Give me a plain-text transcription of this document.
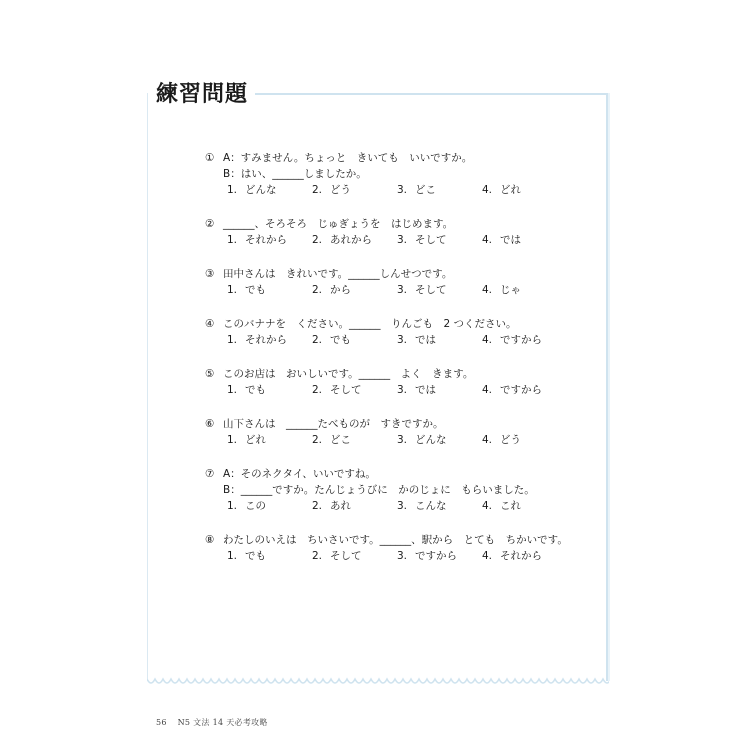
練習問題
① A：すみません。ちょっと　きいても　いいですか。
B：はい、______しましたか。
1. どんな	2. どう	3. どこ	4. どれ
② ______、そろそろ　じゅぎょうを　はじめます。
1. それから 2. あれから 3. そして	4. では
③ 田中さんは　きれいです。______しんせつです。
1. でも	2. から	3. そして	4. じゃ
④ このバナナを　ください。______　りんごも　2 つください。
1. それから 2. でも	3. では	4. ですから
⑤ このお店は　おいしいです。______　よく　きます。
1. でも	2. そして	3. では	4. ですから
⑥ 山下さんは　______たべものが　すきですか。
1. どれ	2. どこ	3. どんな	4. どう
⑦ A：そのネクタイ、いいですね。
B：______ですか。たんじょうびに　かのじょに　もらいました。
1. この	2. あれ	3. こんな	4. これ
⑧ わたしのいえは　ちいさいです。______、駅から　とても　ちかいです。
1. でも	2. そして	3. ですから 4. それから
56 N5 文法 14 天必考攻略
